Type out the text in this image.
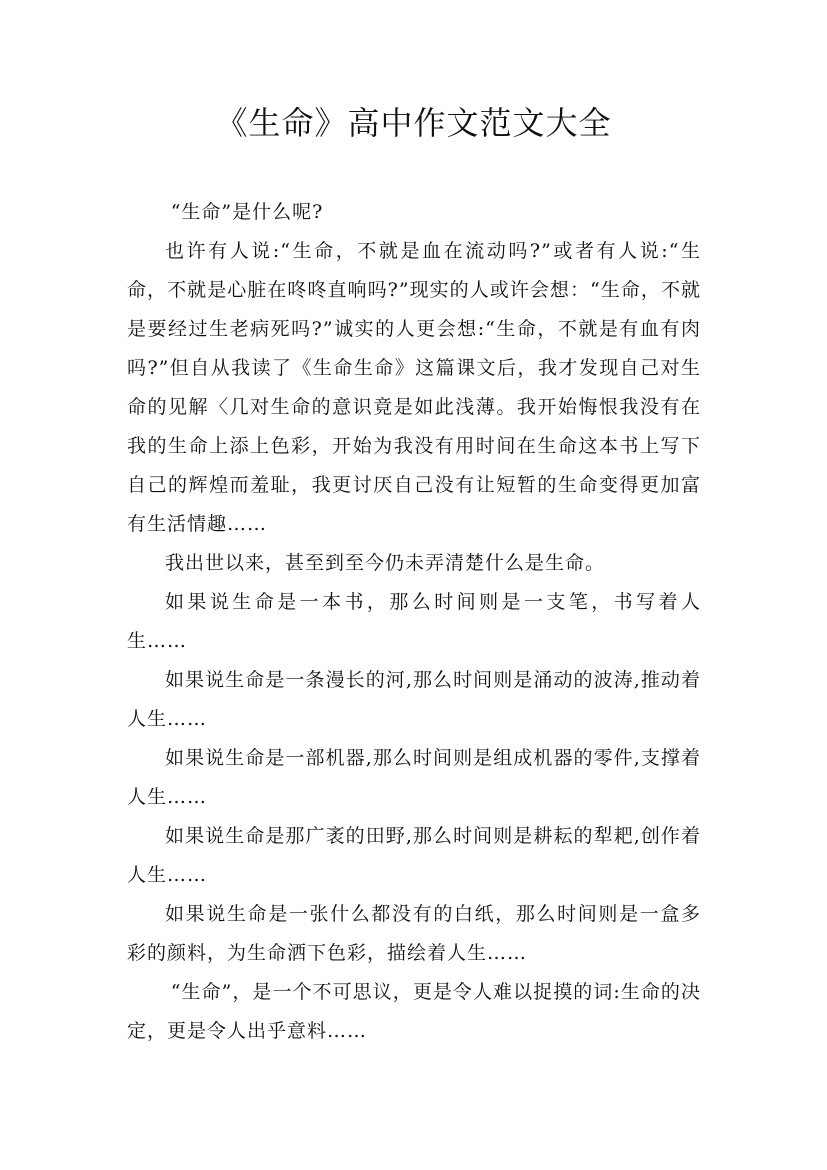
《生命》高中作文范文大全

“生命”是什么呢?

也许有人说:“生命，不就是血在流动吗?”或者有人说:“生命，不就是心脏在咚咚直响吗?”现实的人或许会想：“生命，不就是要经过生老病死吗?”诚实的人更会想:“生命，不就是有血有肉吗?”但自从我读了《生命生命》这篇课文后，我才发现自己对生命的见解〈几对生命的意识竟是如此浅薄。我开始悔恨我没有在我的生命上添上色彩，开始为我没有用时间在生命这本书上写下自己的辉煌而羞耻，我更讨厌自己没有让短暂的生命变得更加富有生活情趣……

我出世以来，甚至到至今仍未弄清楚什么是生命。

如果说生命是一本书，那么时间则是一支笔，书写着人生……

如果说生命是一条漫长的河,那么时间则是涌动的波涛,推动着人生……

如果说生命是一部机器,那么时间则是组成机器的零件,支撑着人生……

如果说生命是那广袤的田野,那么时间则是耕耘的犁耙,创作着人生……

如果说生命是一张什么都没有的白纸，那么时间则是一盒多彩的颜料，为生命洒下色彩，描绘着人生……

“生命”，是一个不可思议，更是令人难以捉摸的词:生命的决定，更是令人出乎意料……
